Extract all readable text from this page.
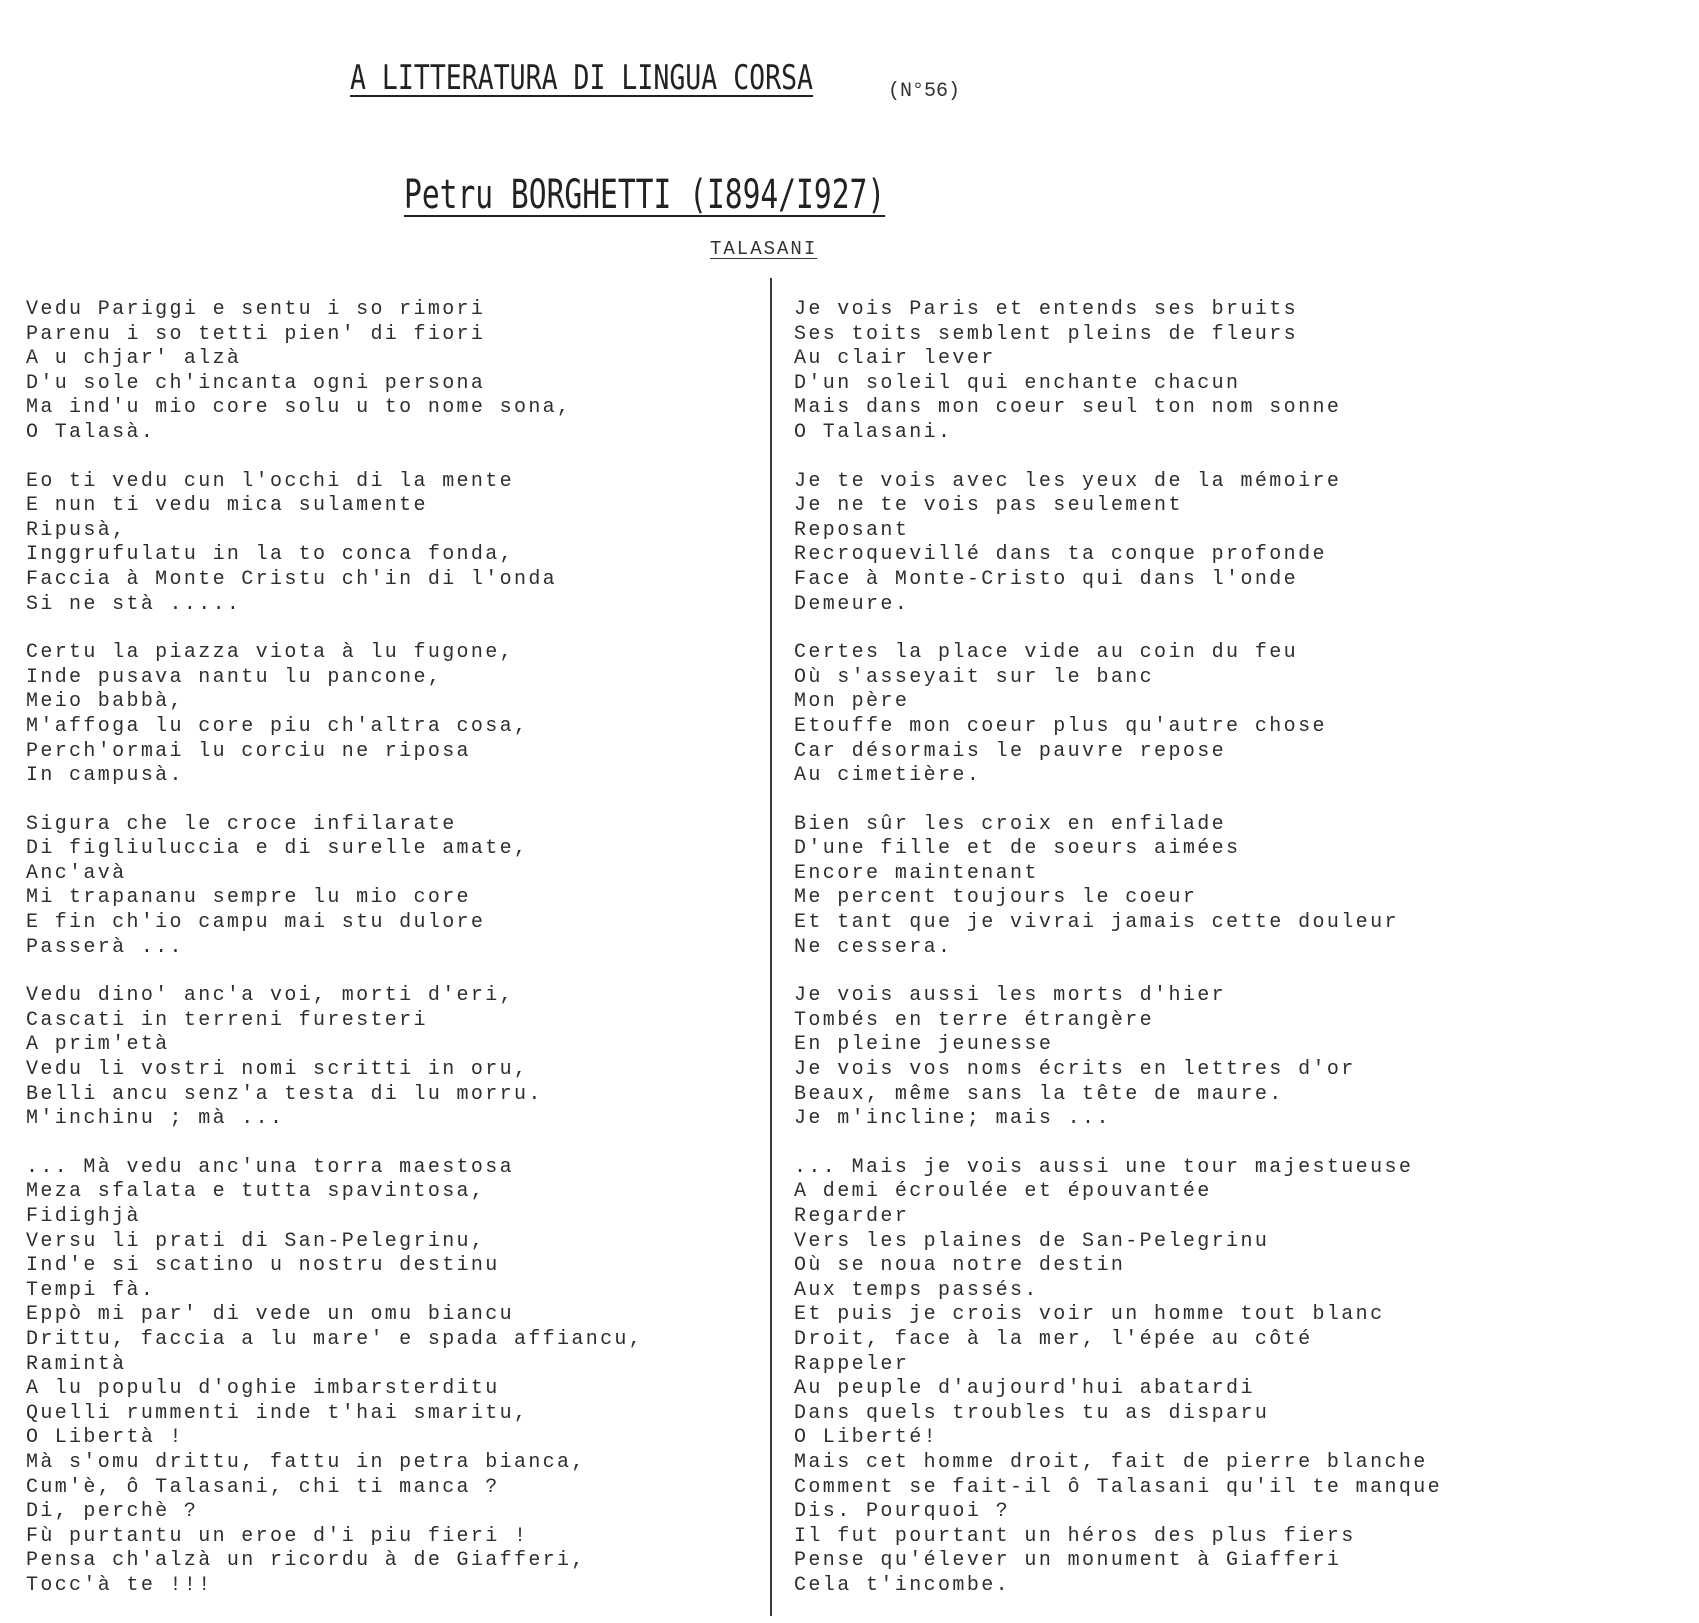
A LITTERATURA DI LINGUA CORSA	(N°56)
Petru BORGHETTI (I894/I927)
TALASANI
Vedu Pariggi e sentu i so rimori
Parenu i so tetti pien' di fiori
A u chjar' alzà
D'u sole ch'incanta ogni persona
Ma ind'u mio core solu u to nome sona,
O Talasà.
Eo ti vedu cun l'occhi di la mente
E nun ti vedu mica sulamente
Ripusà,
Inggrufulatu in la to conca fonda,
Faccia à Monte Cristu ch'in di l'onda
Si ne stà .....
Certu la piazza viota à lu fugone,
Inde pusava nantu lu pancone,
Meio babbà,
M'affoga lu core piu ch'altra cosa,
Perch'ormai lu corciu ne riposa
In campusà.
Sigura che le croce infilarate
Di figliuluccia e di surelle amate,
Anc'avà
Mi trapananu sempre lu mio core
E fin ch'io campu mai stu dulore
Passerà ...
Vedu dino' anc'a voi, morti d'eri,
Cascati in terreni furesteri
A prim'età
Vedu li vostri nomi scritti in oru,
Belli ancu senz'a testa di lu morru.
M'inchinu ; mà ...
... Mà vedu anc'una torra maestosa
Meza sfalata e tutta spavintosa,
Fidighjà
Versu li prati di San-Pelegrinu,
Ind'e si scatino u nostru destinu
Tempi fà.
Eppò mi par' di vede un omu biancu
Drittu, faccia a lu mare' e spada affiancu,
Ramintà
A lu populu d'oghie imbarsterditu
Quelli rummenti inde t'hai smaritu,
O Libertà !
Mà s'omu drittu, fattu in petra bianca,
Cum'è, ô Talasani, chi ti manca ?
Di, perchè ?
Fù purtantu un eroe d'i piu fieri !
Pensa ch'alzà un ricordu à de Giafferi,
Tocc'à te !!!
Je vois Paris et entends ses bruits
Ses toits semblent pleins de fleurs
Au clair lever
D'un soleil qui enchante chacun
Mais dans mon coeur seul ton nom sonne
O Talasani.
Je te vois avec les yeux de la mémoire
Je ne te vois pas seulement
Reposant
Recroquevillé dans ta conque profonde
Face à Monte-Cristo qui dans l'onde
Demeure.
Certes la place vide au coin du feu
Où s'asseyait sur le banc
Mon père
Etouffe mon coeur plus qu'autre chose
Car désormais le pauvre repose
Au cimetière.
Bien sûr les croix en enfilade
D'une fille et de soeurs aimées
Encore maintenant
Me percent toujours le coeur
Et tant que je vivrai jamais cette douleur
Ne cessera.
Je vois aussi les morts d'hier
Tombés en terre étrangère
En pleine jeunesse
Je vois vos noms écrits en lettres d'or
Beaux, même sans la tête de maure.
Je m'incline; mais ...
... Mais je vois aussi une tour majestueuse
A demi écroulée et épouvantée
Regarder
Vers les plaines de San-Pelegrinu
Où se noua notre destin
Aux temps passés.
Et puis je crois voir un homme tout blanc
Droit, face à la mer, l'épée au côté
Rappeler
Au peuple d'aujourd'hui abatardi
Dans quels troubles tu as disparu
O Liberté!
Mais cet homme droit, fait de pierre blanche
Comment se fait-il ô Talasani qu'il te manque
Dis. Pourquoi ?
Il fut pourtant un héros des plus fiers
Pense qu'élever un monument à Giafferi
Cela t'incombe.
